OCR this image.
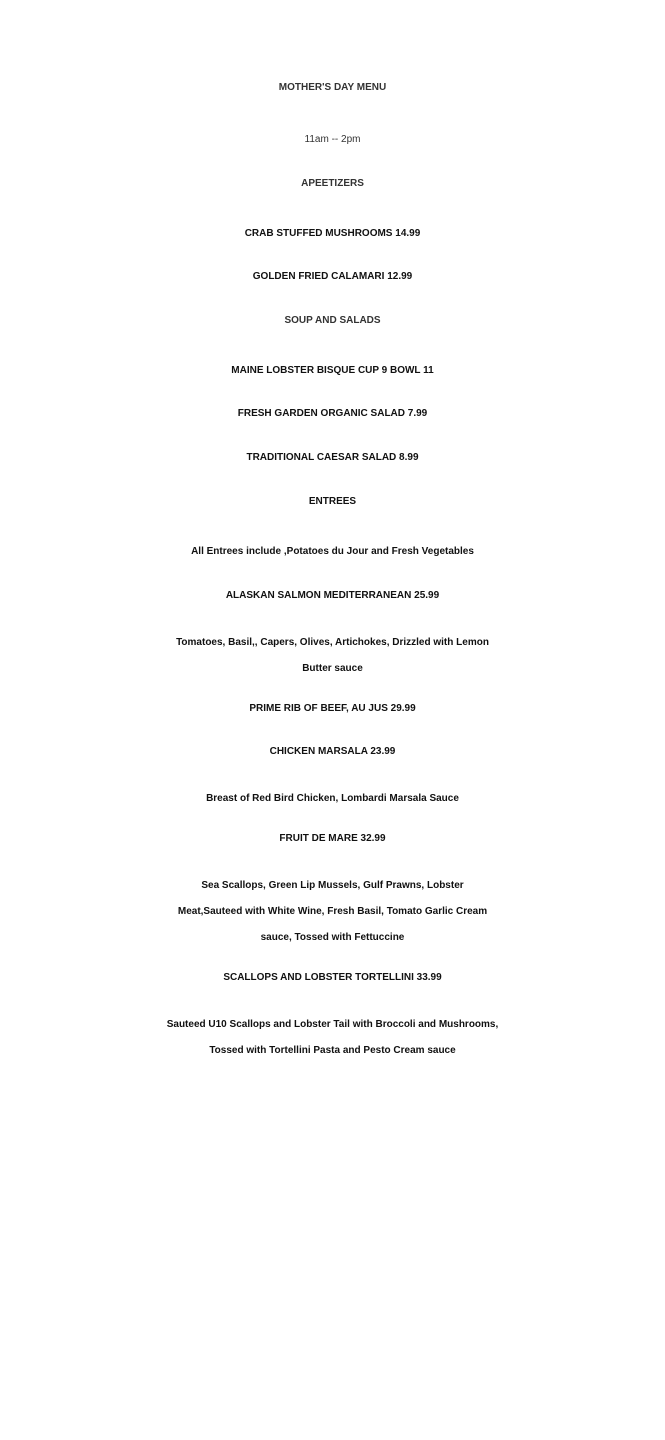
MOTHER'S DAY MENU
11am -- 2pm
APEETIZERS
CRAB STUFFED MUSHROOMS 14.99
GOLDEN FRIED CALAMARI 12.99
SOUP AND SALADS
MAINE LOBSTER BISQUE CUP 9 BOWL 11
FRESH GARDEN ORGANIC SALAD 7.99
TRADITIONAL CAESAR SALAD 8.99
ENTREES
All Entrees include ,Potatoes du Jour and Fresh Vegetables
ALASKAN SALMON MEDITERRANEAN 25.99
Tomatoes, Basil,, Capers, Olives, Artichokes, Drizzled with Lemon
Butter sauce
PRIME RIB OF BEEF, AU JUS 29.99
CHICKEN MARSALA 23.99
Breast of Red Bird Chicken, Lombardi Marsala Sauce
FRUIT DE MARE 32.99
Sea Scallops, Green Lip Mussels, Gulf Prawns, Lobster
Meat,Sauteed with White Wine, Fresh Basil, Tomato Garlic Cream
sauce, Tossed with Fettuccine
SCALLOPS AND LOBSTER TORTELLINI 33.99
Sauteed U10 Scallops and Lobster Tail with Broccoli and Mushrooms,
Tossed with Tortellini Pasta and Pesto Cream sauce
